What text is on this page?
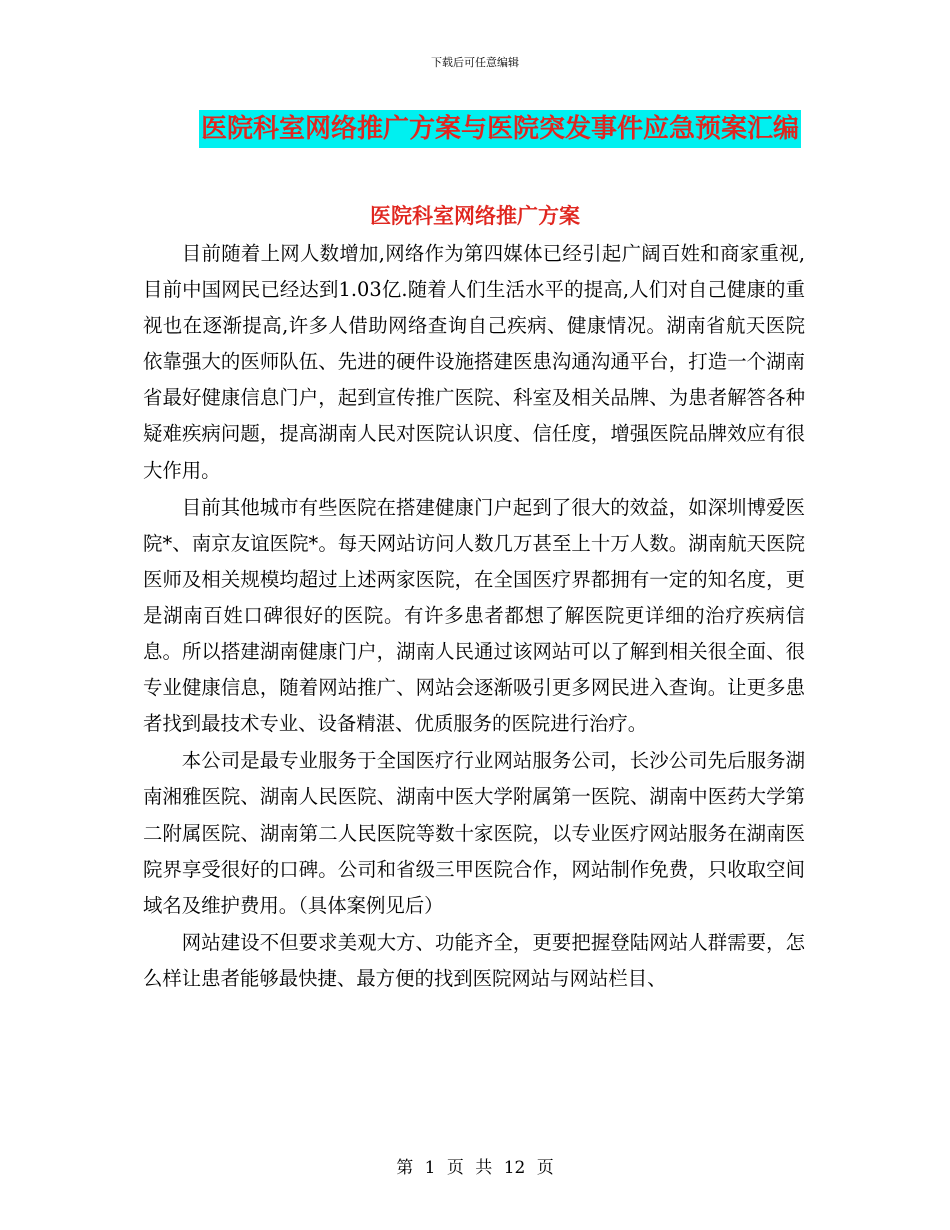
下载后可任意编辑
医院科室网络推广方案与医院突发事件应急预案汇编
医院科室网络推广方案

目前随着上网人数增加,网络作为第四媒体已经引起广阔百姓和商家重视,目前中国网民已经达到1.03亿.随着人们生活水平的提高,人们对自己健康的重视也在逐渐提高,许多人借助网络查询自己疾病、健康情况。湖南省航天医院依靠强大的医师队伍、先进的硬件设施搭建医患沟通沟通平台，打造一个湖南省最好健康信息门户，起到宣传推广医院、科室及相关品牌、为患者解答各种疑难疾病问题，提高湖南人民对医院认识度、信任度，增强医院品牌效应有很大作用。

目前其他城市有些医院在搭建健康门户起到了很大的效益，如深圳博爱医院*、南京友谊医院*。每天网站访问人数几万甚至上十万人数。湖南航天医院医师及相关规模均超过上述两家医院，在全国医疗界都拥有一定的知名度，更是湖南百姓口碑很好的医院。有许多患者都想了解医院更详细的治疗疾病信息。所以搭建湖南健康门户，湖南人民通过该网站可以了解到相关很全面、很专业健康信息，随着网站推广、网站会逐渐吸引更多网民进入查询。让更多患者找到最技术专业、设备精湛、优质服务的医院进行治疗。

本公司是最专业服务于全国医疗行业网站服务公司，长沙公司先后服务湖南湘雅医院、湖南人民医院、湖南中医大学附属第一医院、湖南中医药大学第二附属医院、湖南第二人民医院等数十家医院，以专业医疗网站服务在湖南医院界享受很好的口碑。公司和省级三甲医院合作，网站制作免费，只收取空间域名及维护费用。（具体案例见后）

网站建设不但要求美观大方、功能齐全，更要把握登陆网站人群需要，怎么样让患者能够最快捷、最方便的找到医院网站与网站栏目、

第 1 页 共 12 页
